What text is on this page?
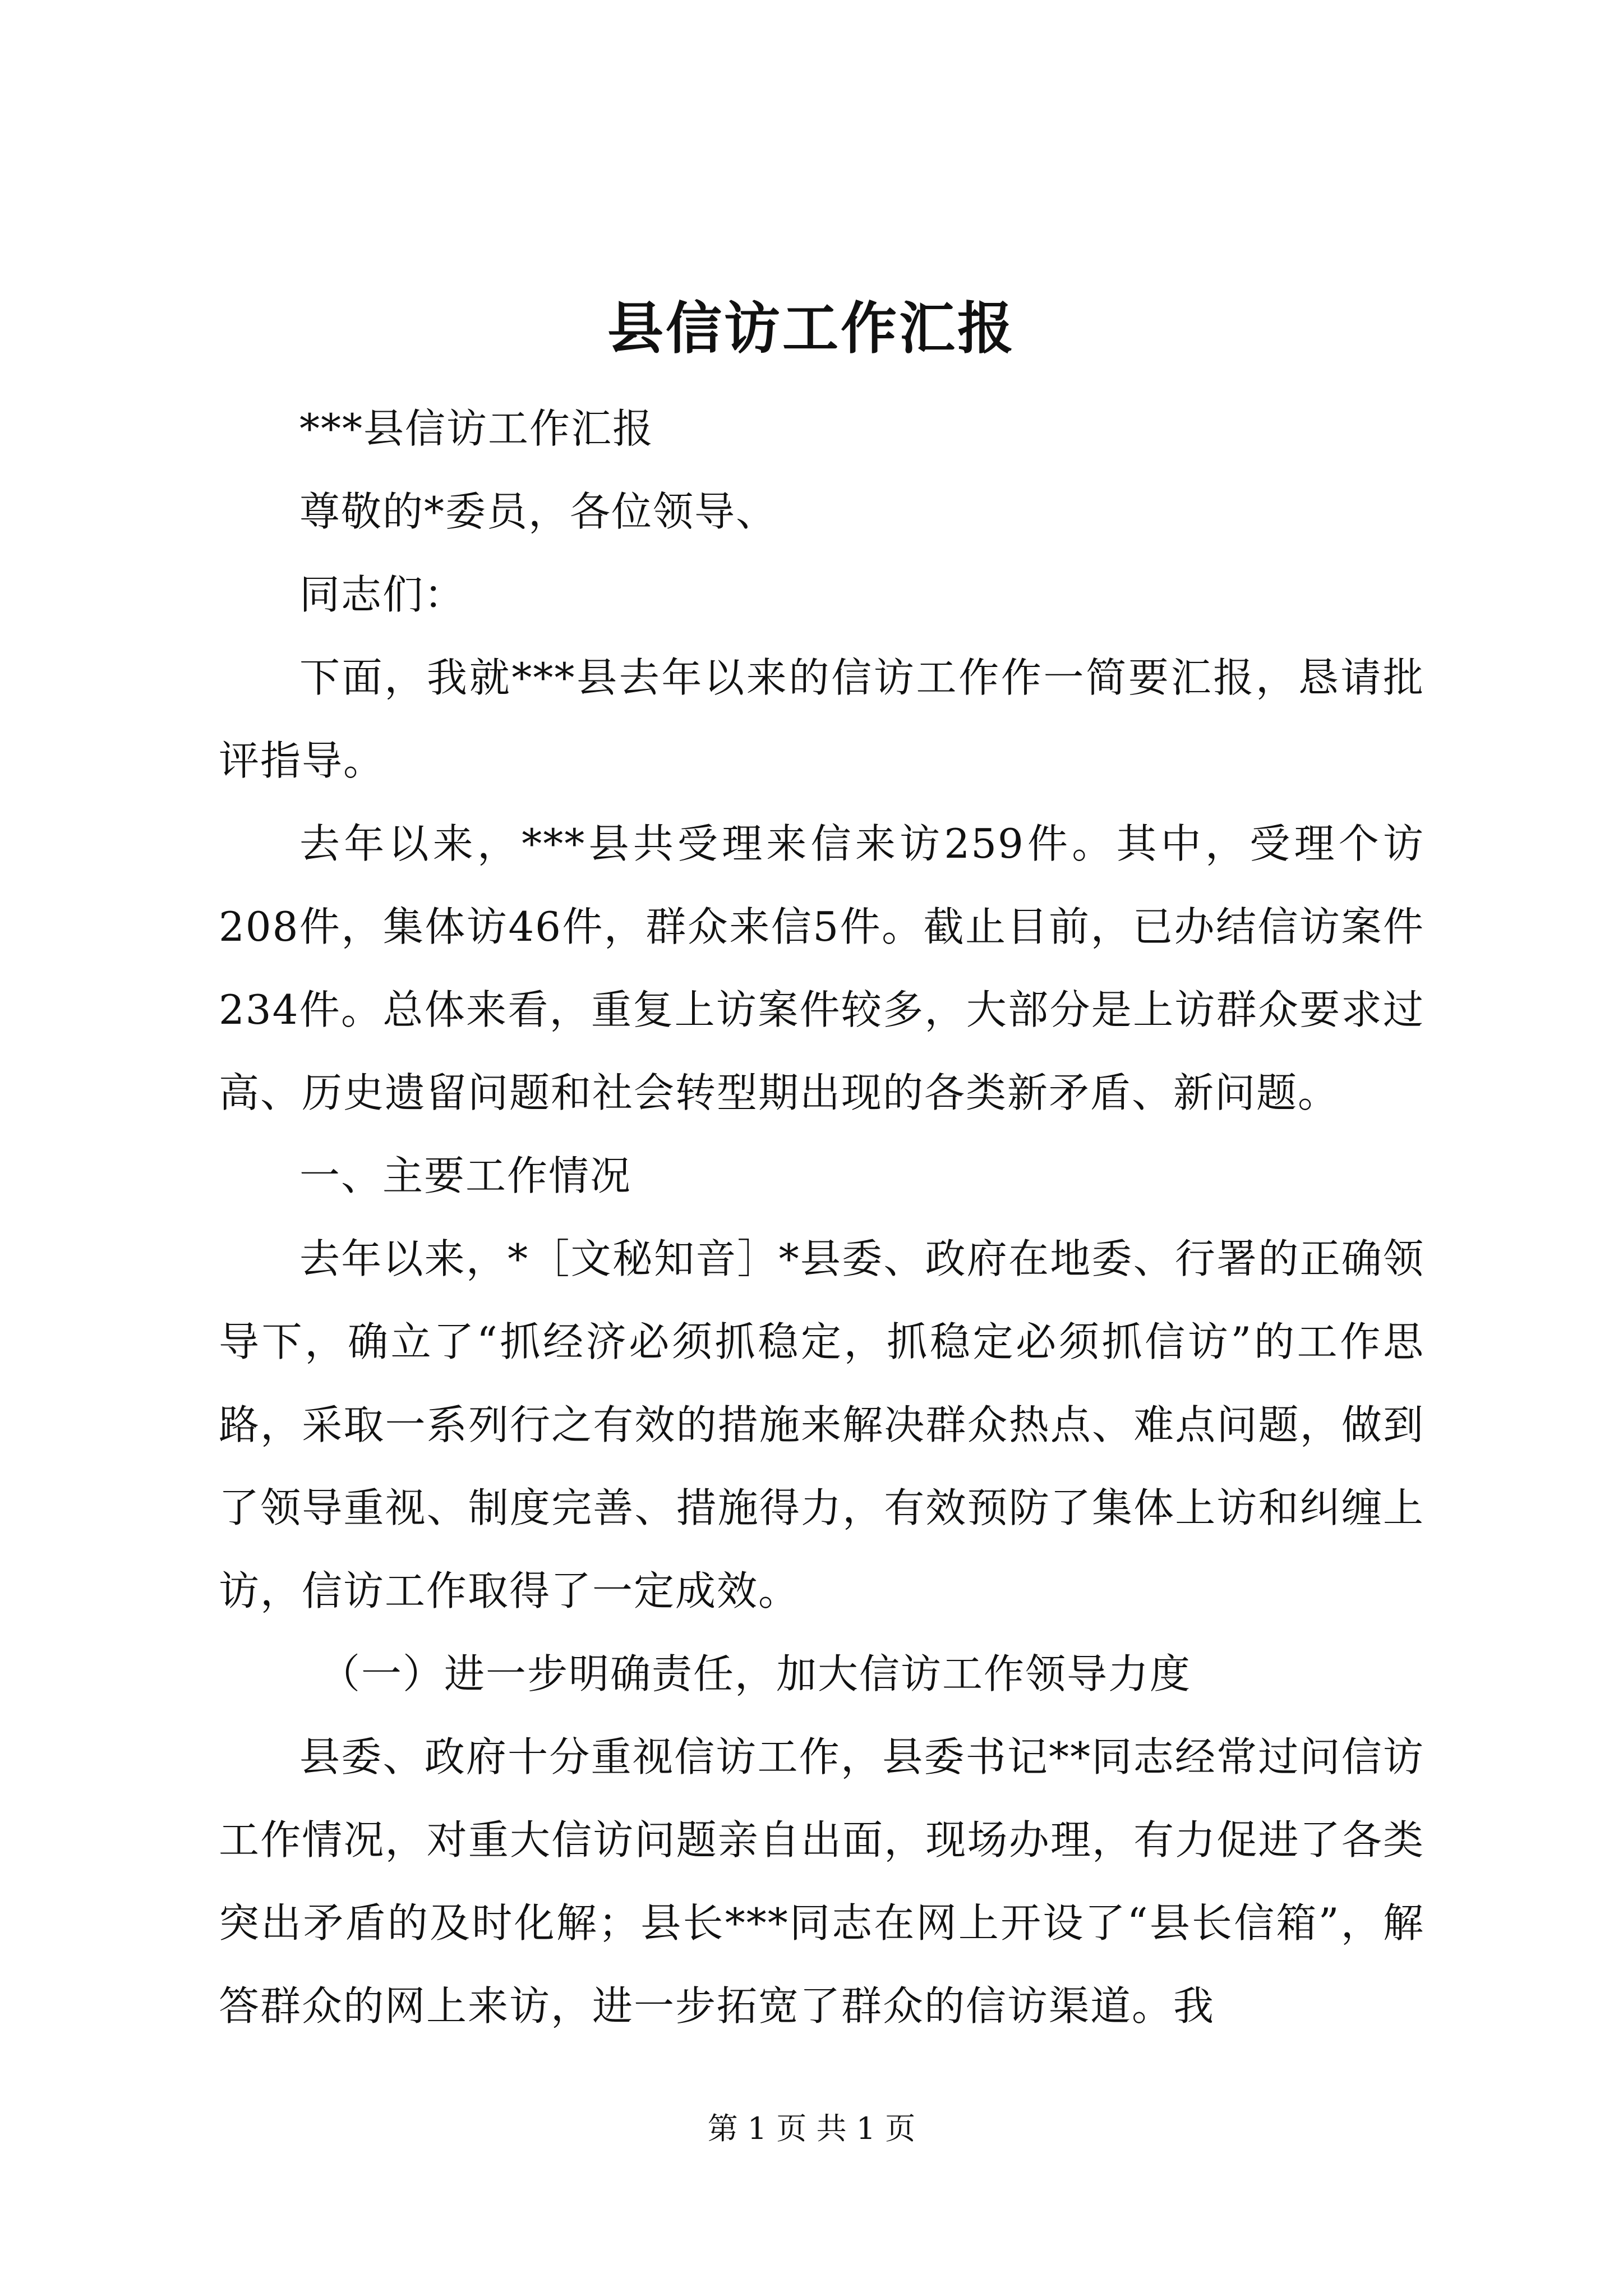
县信访工作汇报

***县信访工作汇报

尊敬的*委员，各位领导、

同志们：

下面，我就***县去年以来的信访工作作一简要汇报，恳请批评指导。

去年以来，***县共受理来信来访259件。其中，受理个访208件，集体访46件，群众来信5件。截止目前，已办结信访案件234件。总体来看，重复上访案件较多，大部分是上访群众要求过高、历史遗留问题和社会转型期出现的各类新矛盾、新问题。

一、主要工作情况

去年以来，*［文秘知音］*县委、政府在地委、行署的正确领导下，确立了“抓经济必须抓稳定，抓稳定必须抓信访”的工作思路，采取一系列行之有效的措施来解决群众热点、难点问题，做到了领导重视、制度完善、措施得力，有效预防了集体上访和纠缠上访，信访工作取得了一定成效。

（一）进一步明确责任，加大信访工作领导力度

县委、政府十分重视信访工作，县委书记**同志经常过问信访工作情况，对重大信访问题亲自出面，现场办理，有力促进了各类突出矛盾的及时化解；县长***同志在网上开设了“县长信箱”，解答群众的网上来访，进一步拓宽了群众的信访渠道。我

第 1 页 共 1 页
